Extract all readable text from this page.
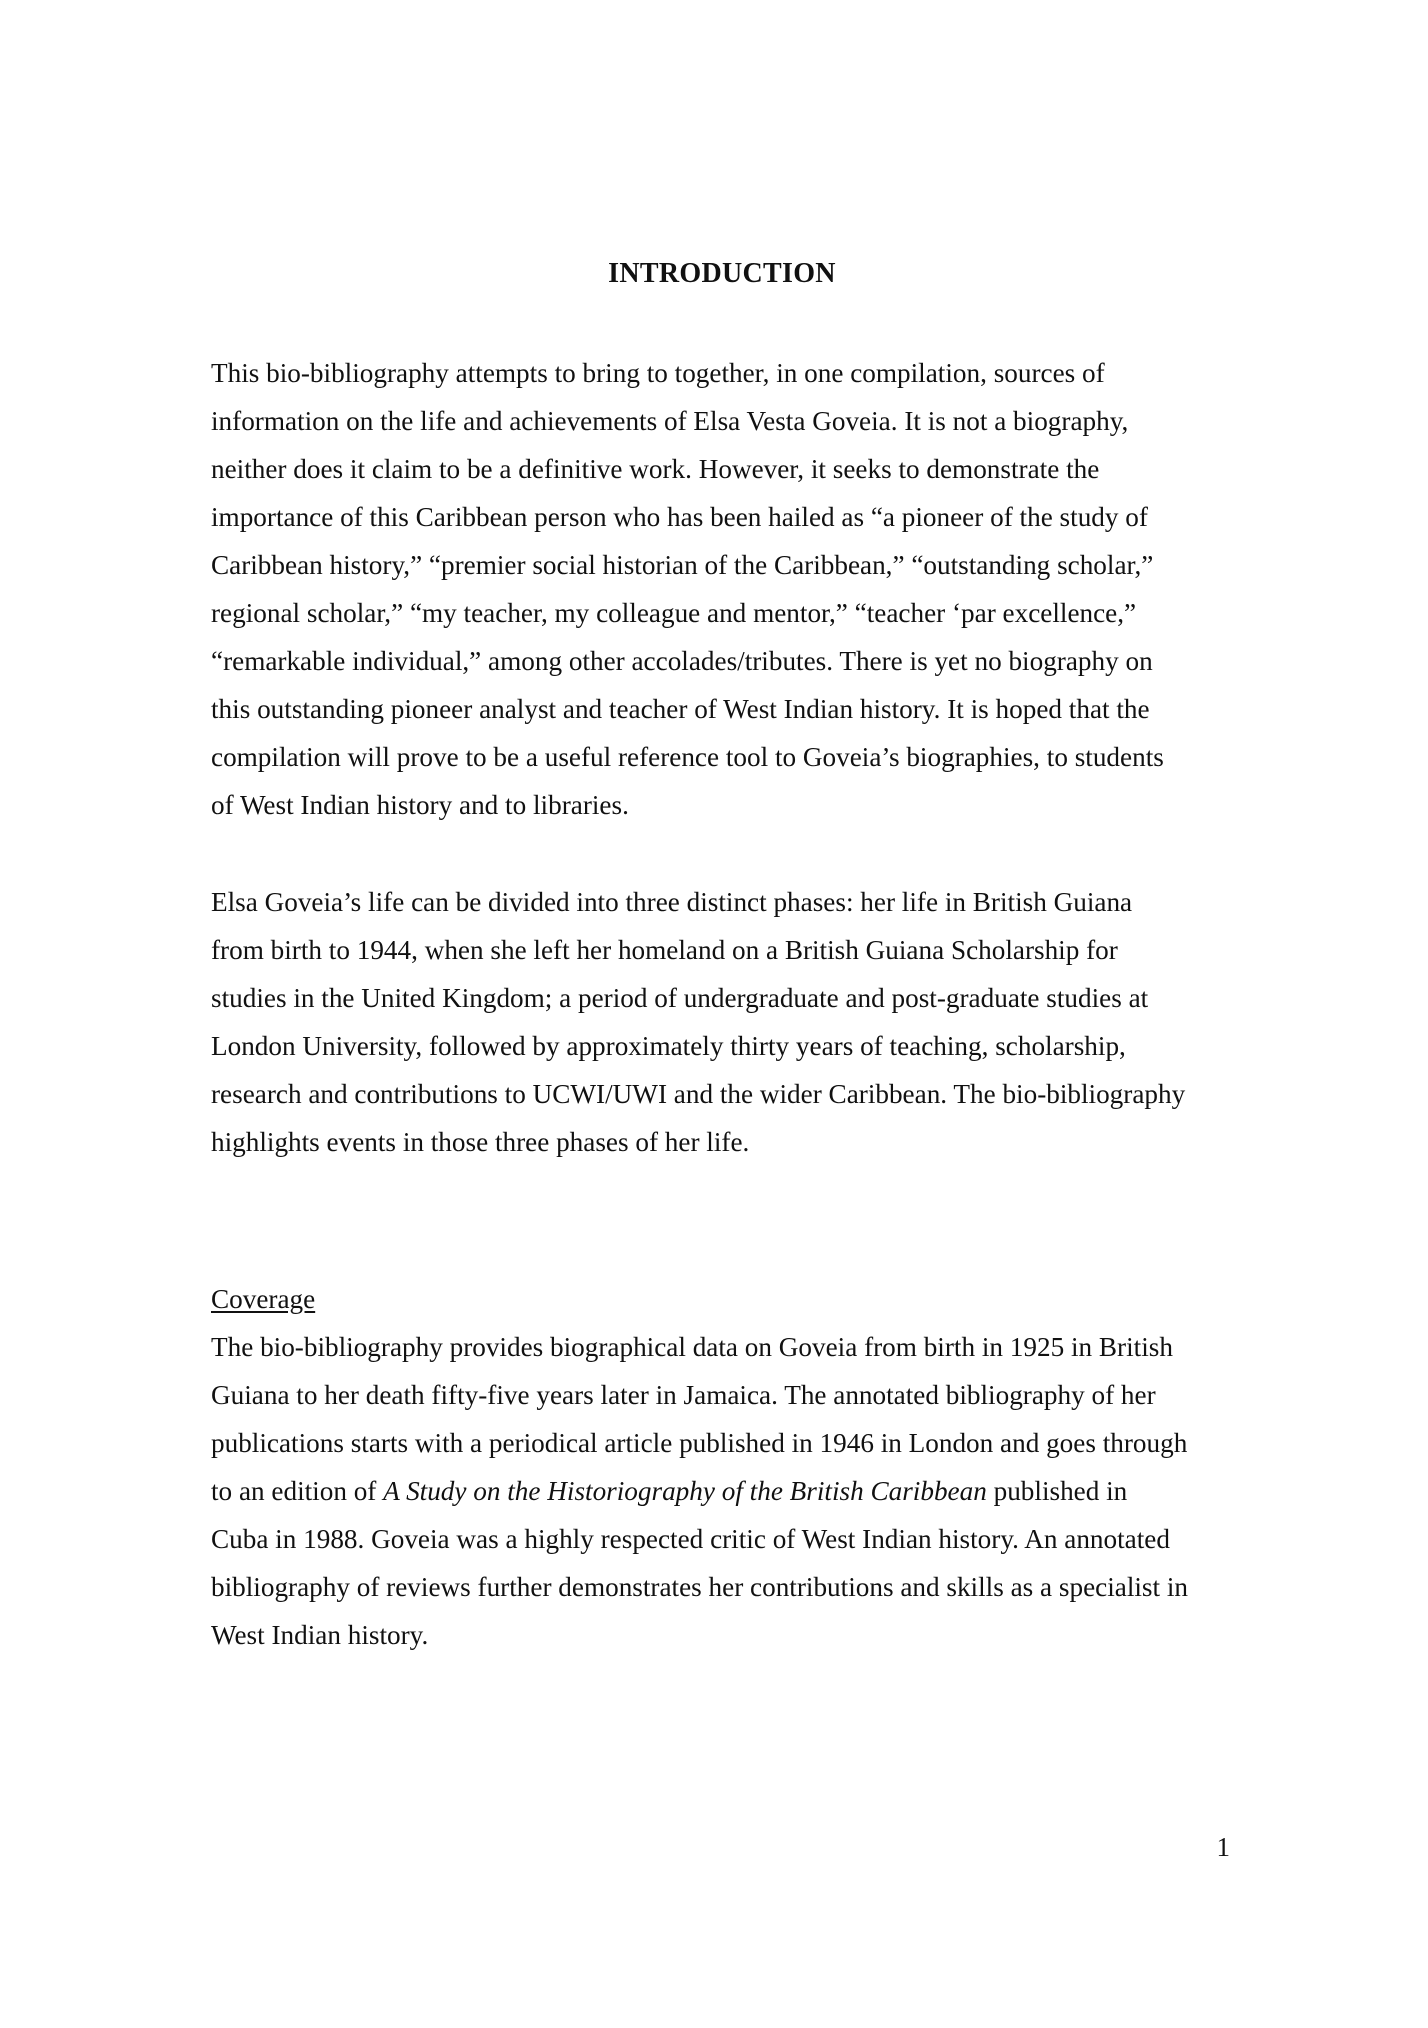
INTRODUCTION
This bio-bibliography attempts to bring to together, in one compilation, sources of
information on the life and achievements of Elsa Vesta Goveia. It is not a biography,
neither does it claim to be a definitive work. However, it seeks to demonstrate the
importance of this Caribbean person who has been hailed as “a pioneer of the study of
Caribbean history,” “premier social historian of the Caribbean,” “outstanding scholar,”
regional scholar,” “my teacher, my colleague and mentor,” “teacher ‘par excellence,”
“remarkable individual,” among other accolades/tributes. There is yet no biography on
this outstanding pioneer analyst and teacher of West Indian history. It is hoped that the
compilation will prove to be a useful reference tool to Goveia’s biographies, to students
of West Indian history and to libraries.
Elsa Goveia’s life can be divided into three distinct phases: her life in British Guiana
from birth to 1944, when she left her homeland on a British Guiana Scholarship for
studies in the United Kingdom; a period of undergraduate and post-graduate studies at
London University, followed by approximately thirty years of teaching, scholarship,
research and contributions to UCWI/UWI and the wider Caribbean. The bio-bibliography
highlights events in those three phases of her life.
Coverage
The bio-bibliography provides biographical data on Goveia from birth in 1925 in British
Guiana to her death fifty-five years later in Jamaica. The annotated bibliography of her
publications starts with a periodical article published in 1946 in London and goes through
to an edition of A Study on the Historiography of the British Caribbean published in
Cuba in 1988. Goveia was a highly respected critic of West Indian history. An annotated
bibliography of reviews further demonstrates her contributions and skills as a specialist in
West Indian history.
1
